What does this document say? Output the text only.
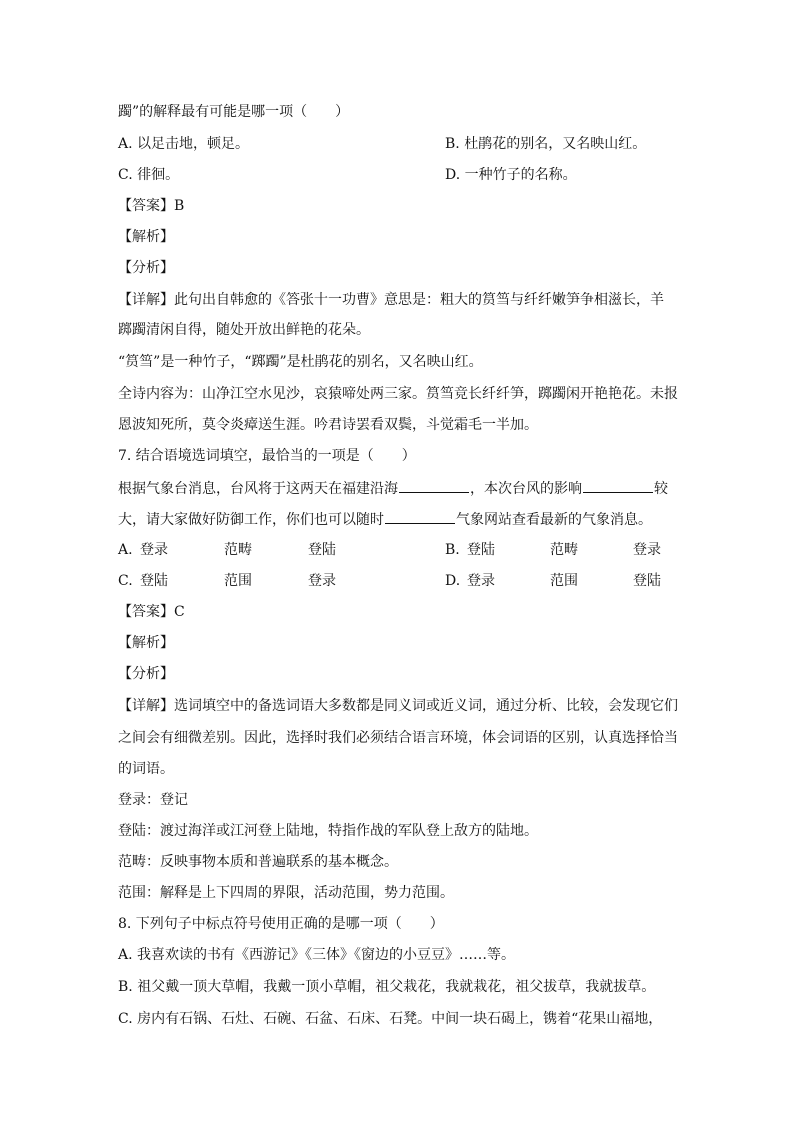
躅”的解释最有可能是哪一项（　　）
A. 以足击地，顿足。	B. 杜鹃花的别名，又名映山红。
C. 徘徊。	D. 一种竹子的名称。
【答案】B
【解析】
【分析】
【详解】此句出自韩愈的《答张十一功曹》意思是：粗大的筼筜与纤纤嫩笋争相滋长，羊
踯躅清闲自得，随处开放出鲜艳的花朵。
“筼筜”是一种竹子，“踯躅”是杜鹃花的别名，又名映山红。
全诗内容为：山净江空水见沙，哀猿啼处两三家。筼筜竞长纤纤笋，踯躅闲开艳艳花。未报
恩波知死所，莫令炎瘴送生涯。吟君诗罢看双鬓，斗觉霜毛一半加。
7. 结合语境选词填空，最恰当的一项是（　　）
根据气象台消息，台风将于这两天在福建沿海	，本次台风的影响	较
大，请大家做好防御工作，你们也可以随时	气象网站查看最新的气象消息。
A. 登录	范畴	登陆	B. 登陆	范畴	登录
C. 登陆	范围	登录	D. 登录	范围	登陆
【答案】C
【解析】
【分析】
【详解】选词填空中的备选词语大多数都是同义词或近义词，通过分析、比较，会发现它们
之间会有细微差别。因此，选择时我们必须结合语言环境，体会词语的区别，认真选择恰当
的词语。
登录：登记
登陆：渡过海洋或江河登上陆地，特指作战的军队登上敌方的陆地。
范畴：反映事物本质和普遍联系的基本概念。
范围：解释是上下四周的界限，活动范围，势力范围。
8. 下列句子中标点符号使用正确的是哪一项（　　）
A. 我喜欢读的书有《西游记》《三体》《窗边的小豆豆》……等。
B. 祖父戴一顶大草帽，我戴一顶小草帽，祖父栽花，我就栽花，祖父拔草，我就拔草。
C. 房内有石锅、石灶、石碗、石盆、石床、石凳。中间一块石碣上，镌着“花果山福地，
